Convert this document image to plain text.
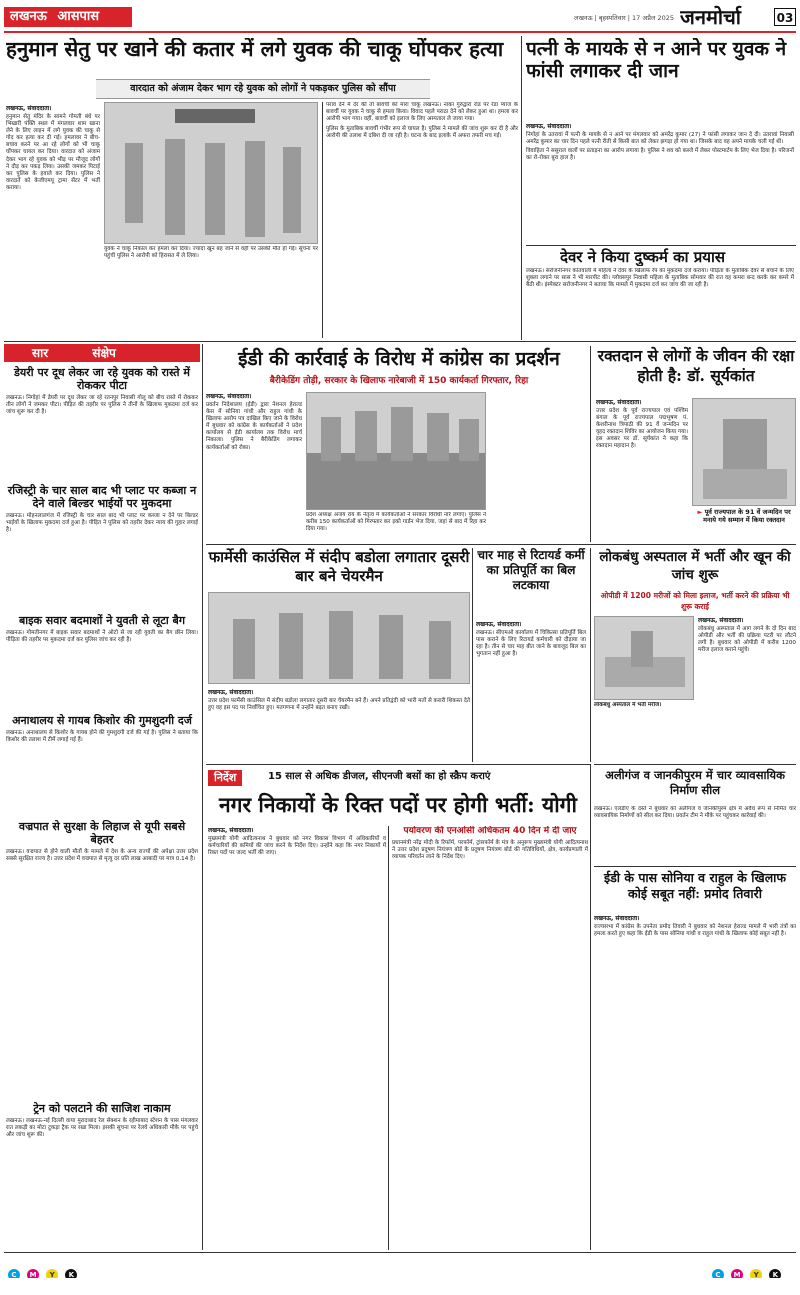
लखनऊ आसपास	लखनऊ | बृहस्पतिवार | 17 अप्रैल 2025 जनमोर्चा	03
हनुमान सेतु पर खाने की कतार में लगे युवक की चाकू घोंपकर हत्या
वारदात को अंजाम देकर भाग रहे युवक को लोगों ने पकड़कर पुलिस को सौंपा
लखनऊ, संवाददाता।
हनुमान सेतु मंदिर के सामने गोमती बंधे पर भिखारी पंक्ति स्थल में मंगलवार शाम खाना लेने के लिए लाइन में लगे युवक की चाकू से गोद कर हत्या कर दी गई। हमलावर ने बीच-बचाव करने पर आ रहे लोगों को भी चाकू घोंपकर घायल कर दिया। वारदात को अंजाम देकर भाग रहे युवक को भीड़ पर मौजूद लोगों ने दौड़ कर पकड़ लिया। उसकी जमकर पिटाई कर पुलिस के हवाले कर दिया। पुलिस ने वारदातें को केजीएमयू ट्रामा सेंटर में भर्ती कराया।
युवक ने चाकू निकाल कर हमला कर दिया। ज्यादा खून बह जाने से वहीं पर उसकी मौत हो गई। सूचना पर पहुंची पुलिस ने आरोपी को हिरासत में ले लिया।
पराव देने में देर की तो बावर्ची को मारा चाकू लखनऊ। नाका गुरुद्वारा रोड पर रेडा प्याज के बावर्ची पर युवक ने चाकू से हमला किया। विवाद पहले पराठा देने को लेकर हुआ था। हमला कर आरोपी भाग गया। वहीं, बावर्ची को इलाज के लिए अस्पताल ले जाया गया।
पुलिस के मुताबिक बावर्ची गंभीर रूप से घायल है। पुलिस ने मामले की जांच शुरू कर दी है और आरोपी की तलाश में दबिश दी जा रही है। घटना के बाद इलाके में अफरा तफरी मच गई।
पत्नी के मायके से न आने पर युवक ने फांसी लगाकर दी जान
लखनऊ, संवाददाता।
निगोहां के उतरावां में पत्नी के मायके से न आने पर मंगलवार को अमरेंद्र कुमार (27) ने फांसी लगाकर जान दे दी। उतरावां निवासी अमरेंद्र कुमार का चार दिन पहले पत्नी रीती से किसी बात को लेकर झगड़ा हो गया था। जिसके बाद वह अपने मायके चली गई थी।
विवाहिता ने ससुराल वालों पर प्रताड़ना का आरोप लगाया है। पुलिस ने शव को कब्जे में लेकर पोस्टमार्टम के लिए भेज दिया है। परिजनों का रो-रोकर बुरा हाल है।
देवर ने किया दुष्कर्म का प्रयास
लखनऊ। सरोजनीनगर कोतवाली में महिला ने देवर के खिलाफ रेप का मुकदमा दर्ज कराया। पीड़िता के मुताबिक देवर से बचाने के लिए शुक्ला लगाने पर सास ने भी मारपीट की। ग्लोवसपुर निवासी महिला के मुताबिक सोमवार की रात वह कमरा बन्द करके कर कमरे में बैठी थी। इंस्पेक्टर सरोजनीनगर ने बताया कि मामले में मुकदमा दर्ज कर जांच की जा रही है।
सार	संक्षेप
डेयरी पर दूध लेकर जा रहे युवक को रास्ते में रोककर पीटा
लखनऊ। निगोहां में डेयरी पर दूध लेकर जा रहे रतनपुर निवासी गोलू को बीच रास्ते में रोककर तीन लोगों ने जमकर पीटा। पीड़ित की तहरीर पर पुलिस ने तीनों के खिलाफ मुकदमा दर्ज कर जांच शुरू कर दी है।
रजिस्ट्री के चार साल बाद भी प्लाट पर कब्जा न देने वाले बिल्डर भाईयों पर मुकदमा
लखनऊ। मोहनलालगंज में रजिस्ट्री के चार साल बाद भी प्लाट पर कब्जा न देने पर बिल्डर भाईयों के खिलाफ मुकदमा दर्ज हुआ है। पीड़ित ने पुलिस को तहरीर देकर न्याय की गुहार लगाई है।
बाइक सवार बदमाशों ने युवती से लूटा बैग
लखनऊ। गोमतीनगर में बाइक सवार बदमाशों ने ऑटो से जा रही युवती का बैग छीन लिया। पीड़िता की तहरीर पर मुकदमा दर्ज कर पुलिस जांच कर रही है।
अनाथालय से गायब किशोर की गुमशुदगी दर्ज
लखनऊ। अनाथालय से किशोर के गायब होने की गुमशुदगी दर्ज की गई है। पुलिस ने बताया कि किशोर की तलाश में टीमें लगाई गई हैं।
वज्रपात से सुरक्षा के लिहाज से यूपी सबसे बेहतर
लखनऊ। वज्रपात से होने वाली मौतों के मामले में देश के अन्य राज्यों की अपेक्षा उत्तर प्रदेश सबसे सुरक्षित राज्य है। उत्तर प्रदेश में वज्रपात से मृत्यु दर प्रति लाख आबादी पर मात्र 0.14 है।
ट्रेन को पलटाने की साजिश नाकाम
लखनऊ। लखनऊ-नई दिल्ली वाया मुरादाबाद रेल सेक्शन के रहीमाबाद स्टेशन के पास मंगलवार रात लकड़ी का मोटा टुकड़ा ट्रैक पर रखा मिला। इसकी सूचना पर रेलवे अधिकारी मौके पर पहुंचे और जांच शुरू की।
ईडी की कार्रवाई के विरोध में कांग्रेस का प्रदर्शन
बैरीकेडिंग तोड़ी, सरकार के खिलाफ नारेबाजी में 150 कार्यकर्ता गिरफ्तार, रिहा
लखनऊ, संवाददाता।
प्रवर्तन निदेशालय (ईडी) द्वारा नेशनल हेराल्ड केस में सोनिया गांधी और राहुल गांधी के खिलाफ आरोप पत्र दाखिल किए जाने के विरोध में बुधवार को कांग्रेस के कार्यकर्ताओं ने प्रदेश कार्यालय से ईडी कार्यालय तक विरोध मार्च निकाला। पुलिस ने बैरीकेडिंग लगाकर कार्यकर्ताओं को रोका।
प्रदेश अध्यक्ष अजय राय के नेतृत्व में कार्यकर्ताओं ने सरकार विरोधी नारे लगाए। पुलिस ने करीब 150 कार्यकर्ताओं को गिरफ्तार कर इको गार्डन भेज दिया, जहां से बाद में रिहा कर दिया गया।
रक्तदान से लोगों के जीवन की रक्षा होती है: डॉ. सूर्यकांत
लखनऊ, संवाददाता।
उत्तर प्रदेश के पूर्व राज्यपाल एवं पश्चिम बंगाल के पूर्व राज्यपाल पद्मभूषण पं. केशरीनाथ त्रिपाठी की 91 वें जन्मदिन पर वृहद रक्तदान शिविर का आयोजन किया गया। इस अवसर पर डॉ. सूर्यकांत ने कहा कि रक्तदान महादान है।
► पूर्व राज्यपाल के 91 वें जन्मदिन पर मनाये गये सम्मान में किया रक्तदान
फार्मेसी काउंसिल में संदीप बडोला लगातार दूसरी बार बने चेयरमैन
लखनऊ, संवाददाता।
उत्तर प्रदेश फार्मेसी काउंसिल में संदीप बडोला लगातार दूसरी बार चेयरमैन बने हैं। अपने प्रतिद्वंदी को भारी मतों से करारी शिकस्त देते हुए वह इस पद पर निर्वाचित हुए। मतगणना में उन्होंने बढ़त बनाए रखी।
चार माह से रिटायर्ड कर्मी का प्रतिपूर्ति का बिल लटकाया
लखनऊ, संवाददाता।
लखनऊ। सीएमओ कार्यालय में चिकित्सा प्रतिपूर्ति बिल पास कराने के लिए रिटायर्ड कर्मचारी को दौड़ाया जा रहा है। तीन से चार माह बीत जाने के बावजूद बिल का भुगतान नहीं हुआ है।
लोकबंधु अस्पताल में भर्ती और खून की जांच शुरू
ओपीडी में 1200 मरीजों को मिला इलाज, भर्ती करने की प्रक्रिया भी शुरू कराई
लोकबंधु अस्पताल में भर्ती मरीज।
लखनऊ, संवाददाता।
लोकबंधु अस्पताल में आग लगने के दो दिन बाद ओपीडी और भर्ती की प्रक्रिया पटरी पर लौटने लगी है। बुधवार को ओपीडी में करीब 1200 मरीज इलाज कराने पहुंचे।
अलीगंज व जानकीपुरम में चार व्यावसायिक निर्माण सील
लखनऊ। एलडीए के दस्ते ने बुधवार को अलीगंज व जानकीपुरम क्षेत्र में अवैध रूप से निर्मित चार व्यावसायिक निर्माणों को सील कर दिया। प्रवर्तन टीम ने मौके पर पहुंचकर कार्रवाई की।
ईडी के पास सोनिया व राहुल के खिलाफ कोई सबूत नहीं: प्रमोद तिवारी
लखनऊ, संवाददाता।
राज्यसभा में कांग्रेस के उपनेता प्रमोद तिवारी ने बुधवार को नेशनल हेराल्ड मामले में भारी तंत्रों का हमला करते हुए कहा कि ईडी के पास सोनिया गांधी व राहुल गांधी के खिलाफ कोई सबूत नहीं है।
निर्देश	15 साल से अधिक डीजल, सीएनजी बसों का हो स्क्रैप कराएं
नगर निकायों के रिक्त पदों पर होगी भर्ती: योगी
लखनऊ, संवाददाता।
मुख्यमंत्री योगी आदित्यनाथ ने बुधवार को नगर विकास विभाग में अधिकारियों व कर्मचारियों की कमियों की जांच करने के निर्देश दिए। उन्होंने कहा कि नगर निकायों में रिक्त पदों पर जल्द भर्ती की जाए।
पर्यावरण की एनओसी अधिकतम 40 दिन में दी जाए
प्रधानमंत्री नरेंद्र मोदी के रिफॉर्म, परफॉर्म, ट्रांसफॉर्म के मंत्र के अनुरूप मुख्यमंत्री योगी आदित्यनाथ ने उत्तर प्रदेश प्रदूषण नियंत्रण बोर्ड के प्रदूषण नियंत्रण बोर्ड की गतिविधियों, क्षेत्र, कार्यप्रणाली में व्यापक परिवर्तन लाने के निर्देश दिए।
C M Y K	C M Y K
